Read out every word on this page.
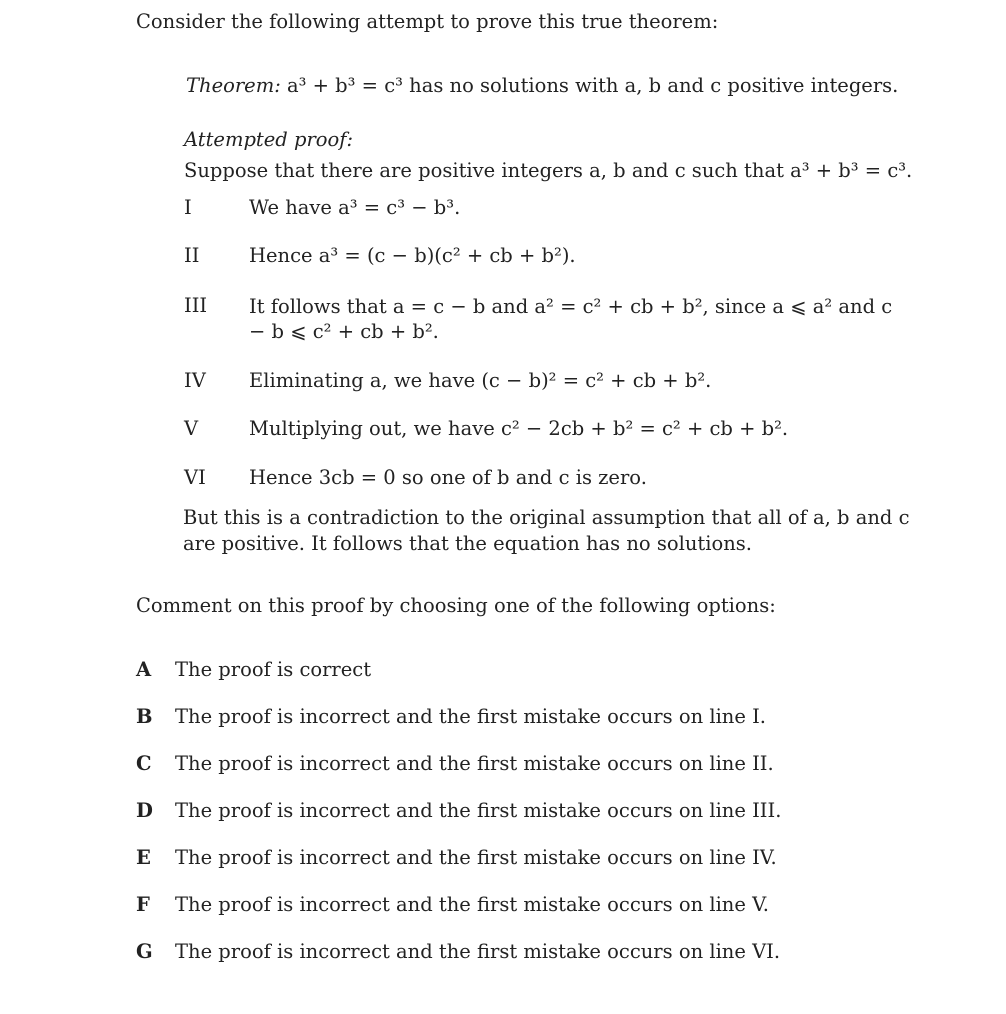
Consider the following attempt to prove this true theorem:
Theorem: a³ + b³ = c³ has no solutions with a, b and c positive integers.
Attempted proof:
Suppose that there are positive integers a, b and c such that a³ + b³ = c³.
I	We have a³ = c³ − b³.
II	Hence a³ = (c − b)(c² + cb + b²).
III It follows that a = c − b and a² = c² + cb + b², since a ⩽ a² and c − b ⩽ c² + cb + b².
IV Eliminating a, we have (c − b)² = c² + cb + b².
V	Multiplying out, we have c² − 2cb + b² = c² + cb + b².
VI Hence 3cb = 0 so one of b and c is zero.
But this is a contradiction to the original assumption that all of a, b and c are positive. It follows that the equation has no solutions.
Comment on this proof by choosing one of the following options:
A The proof is correct
B The proof is incorrect and the first mistake occurs on line I.
C The proof is incorrect and the first mistake occurs on line II.
D The proof is incorrect and the first mistake occurs on line III.
E The proof is incorrect and the first mistake occurs on line IV.
F The proof is incorrect and the first mistake occurs on line V.
G The proof is incorrect and the first mistake occurs on line VI.
